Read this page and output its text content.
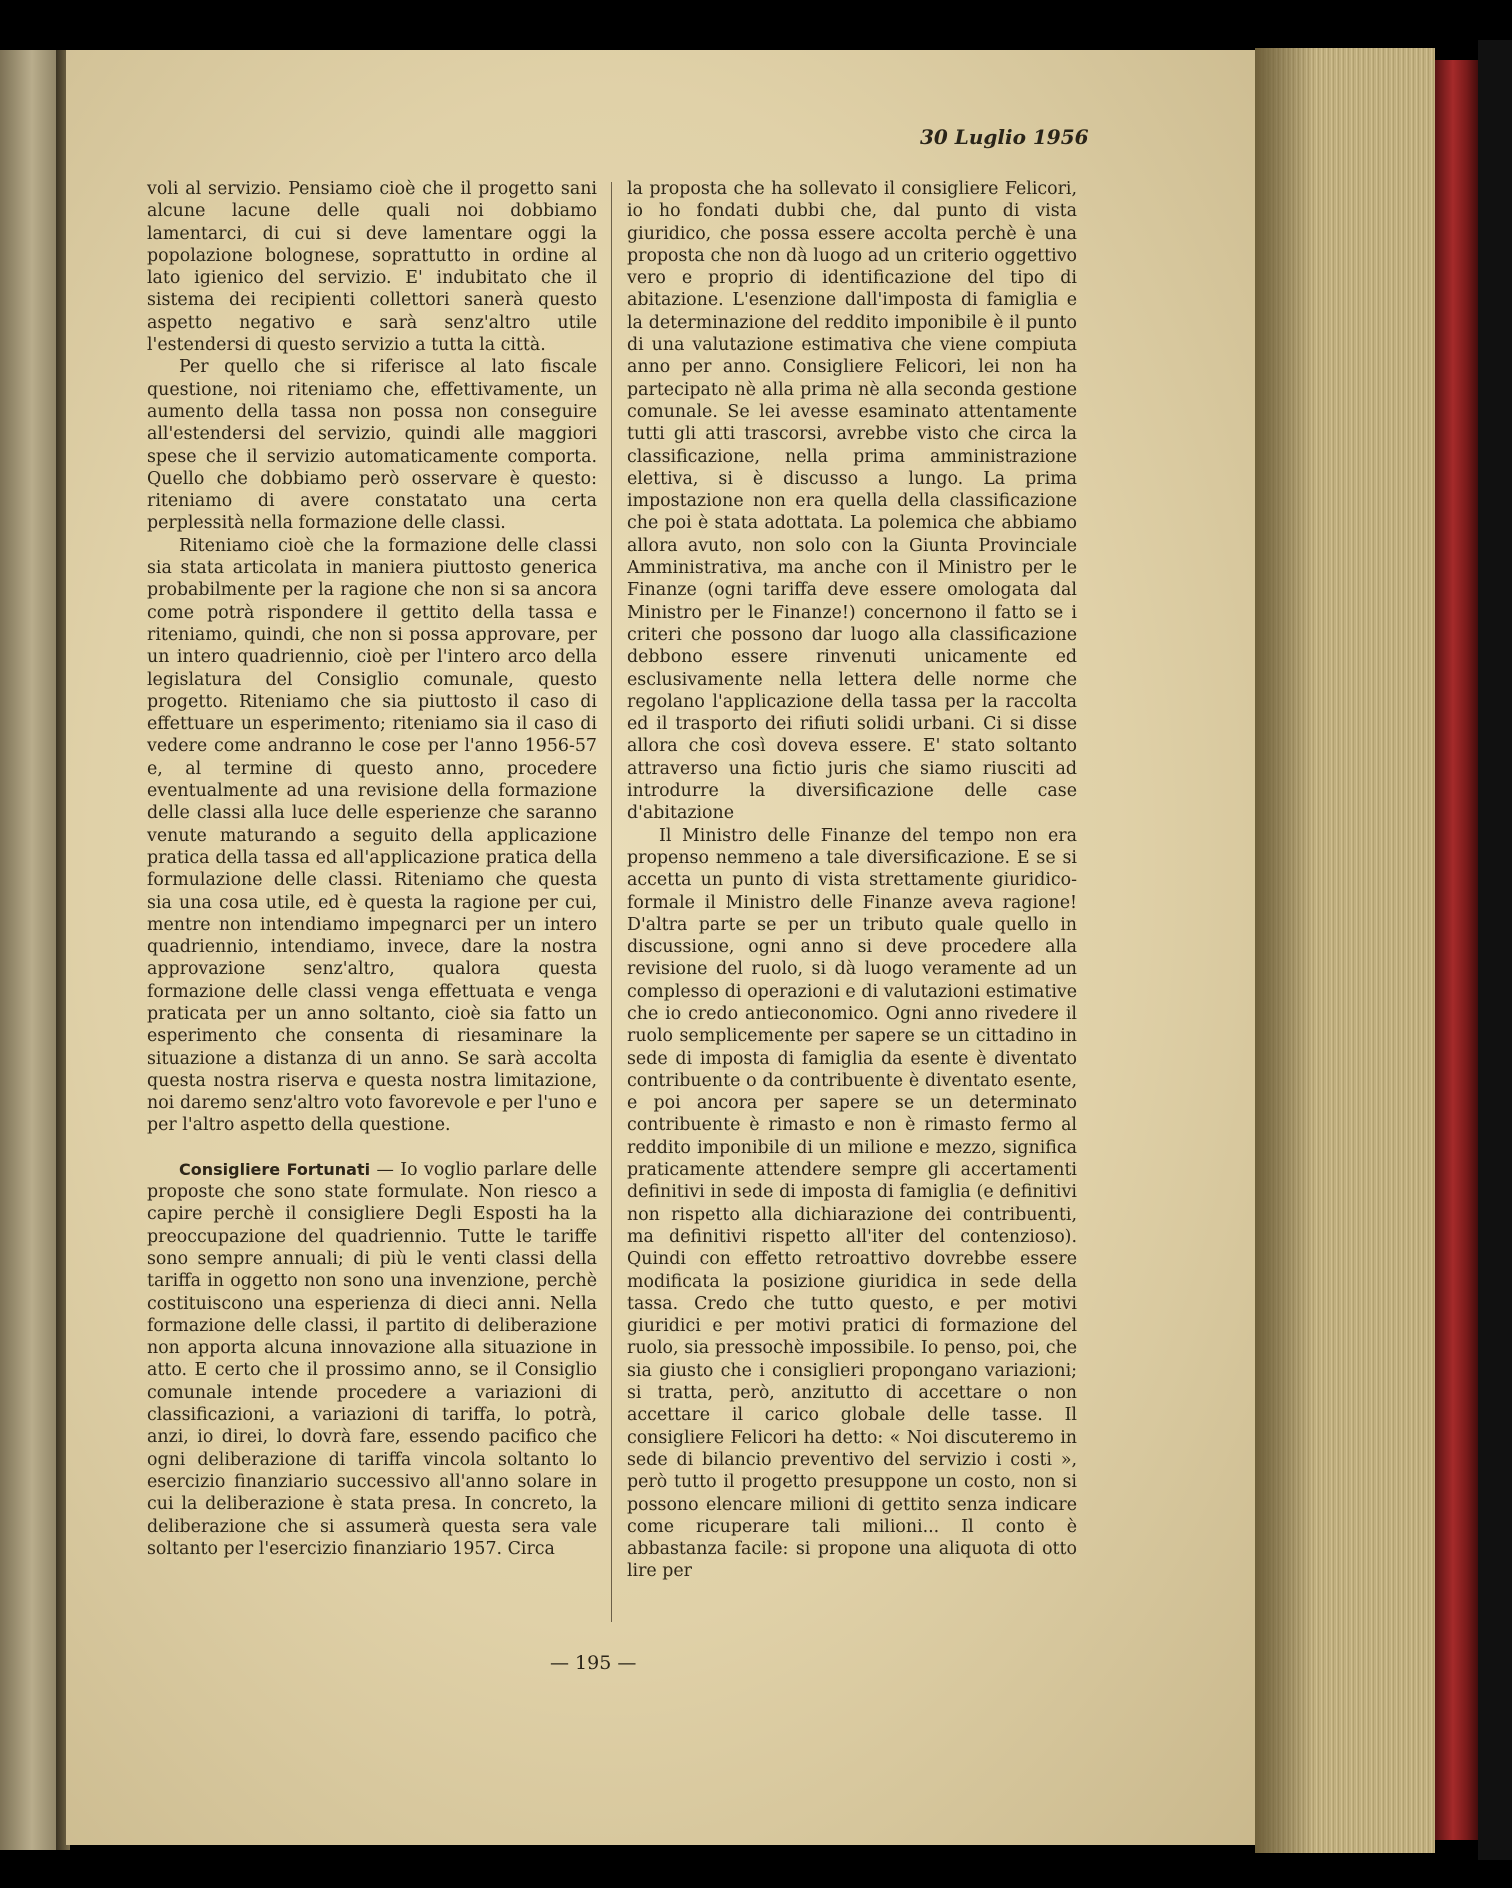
30 Luglio 1956

voli al servizio. Pensiamo cioè che il progetto sani alcune lacune delle quali noi dobbiamo lamentarci, di cui si deve lamentare oggi la popolazione bolognese, soprattutto in ordine al lato igienico del servizio. E' indubitato che il sistema dei recipienti collettori sanerà questo aspetto negativo e sarà senz'altro utile l'estendersi di questo servizio a tutta la città.

Per quello che si riferisce al lato fiscale questione, noi riteniamo che, effettivamente, un aumento della tassa non possa non conseguire all'estendersi del servizio, quindi alle maggiori spese che il servizio automaticamente comporta. Quello che dobbiamo però osservare è questo: riteniamo di avere constatato una certa perplessità nella formazione delle classi.

Riteniamo cioè che la formazione delle classi sia stata articolata in maniera piuttosto generica probabilmente per la ragione che non si sa ancora come potrà rispondere il gettito della tassa e riteniamo, quindi, che non si possa approvare, per un intero quadriennio, cioè per l'intero arco della legislatura del Consiglio comunale, questo progetto. Riteniamo che sia piuttosto il caso di effettuare un esperimento; riteniamo sia il caso di vedere come andranno le cose per l'anno 1956-57 e, al termine di questo anno, procedere eventualmente ad una revisione della formazione delle classi alla luce delle esperienze che saranno venute maturando a seguito della applicazione pratica della tassa ed all'applicazione pratica della formulazione delle classi. Riteniamo che questa sia una cosa utile, ed è questa la ragione per cui, mentre non intendiamo impegnarci per un intero quadriennio, intendiamo, invece, dare la nostra approvazione senz'altro, qualora questa formazione delle classi venga effettuata e venga praticata per un anno soltanto, cioè sia fatto un esperimento che consenta di riesaminare la situazione a distanza di un anno. Se sarà accolta questa nostra riserva e questa nostra limitazione, noi daremo senz'altro voto favorevole e per l'uno e per l'altro aspetto della questione.

Consigliere Fortunati — Io voglio parlare delle proposte che sono state formulate. Non riesco a capire perchè il consigliere Degli Esposti ha la preoccupazione del quadriennio. Tutte le tariffe sono sempre annuali; di più le venti classi della tariffa in oggetto non sono una invenzione, perchè costituiscono una esperienza di dieci anni. Nella formazione delle classi, il partito di deliberazione non apporta alcuna innovazione alla situazione in atto. E certo che il prossimo anno, se il Consiglio comunale intende procedere a variazioni di classificazioni, a variazioni di tariffa, lo potrà, anzi, io direi, lo dovrà fare, essendo pacifico che ogni deliberazione di tariffa vincola soltanto lo esercizio finanziario successivo all'anno solare in cui la deliberazione è stata presa. In concreto, la deliberazione che si assumerà questa sera vale soltanto per l'esercizio finanziario 1957. Circa

la proposta che ha sollevato il consigliere Felicori, io ho fondati dubbi che, dal punto di vista giuridico, che possa essere accolta perchè è una proposta che non dà luogo ad un criterio oggettivo vero e proprio di identificazione del tipo di abitazione. L'esenzione dall'imposta di famiglia e la determinazione del reddito imponibile è il punto di una valutazione estimativa che viene compiuta anno per anno. Consigliere Felicori, lei non ha partecipato nè alla prima nè alla seconda gestione comunale. Se lei avesse esaminato attentamente tutti gli atti trascorsi, avrebbe visto che circa la classificazione, nella prima amministrazione elettiva, si è discusso a lungo. La prima impostazione non era quella della classificazione che poi è stata adottata. La polemica che abbiamo allora avuto, non solo con la Giunta Provinciale Amministrativa, ma anche con il Ministro per le Finanze (ogni tariffa deve essere omologata dal Ministro per le Finanze!) concernono il fatto se i criteri che possono dar luogo alla classificazione debbono essere rinvenuti unicamente ed esclusivamente nella lettera delle norme che regolano l'applicazione della tassa per la raccolta ed il trasporto dei rifiuti solidi urbani. Ci si disse allora che così doveva essere. E' stato soltanto attraverso una fictio juris che siamo riusciti ad introdurre la diversificazione delle case d'abitazione

Il Ministro delle Finanze del tempo non era propenso nemmeno a tale diversificazione. E se si accetta un punto di vista strettamente giuridico-formale il Ministro delle Finanze aveva ragione! D'altra parte se per un tributo quale quello in discussione, ogni anno si deve procedere alla revisione del ruolo, si dà luogo veramente ad un complesso di operazioni e di valutazioni estimative che io credo antieconomico. Ogni anno rivedere il ruolo semplicemente per sapere se un cittadino in sede di imposta di famiglia da esente è diventato contribuente o da contribuente è diventato esente, e poi ancora per sapere se un determinato contribuente è rimasto e non è rimasto fermo al reddito imponibile di un milione e mezzo, significa praticamente attendere sempre gli accertamenti definitivi in sede di imposta di famiglia (e definitivi non rispetto alla dichiarazione dei contribuenti, ma definitivi rispetto all'iter del contenzioso). Quindi con effetto retroattivo dovrebbe essere modificata la posizione giuridica in sede della tassa. Credo che tutto questo, e per motivi giuridici e per motivi pratici di formazione del ruolo, sia pressochè impossibile. Io penso, poi, che sia giusto che i consiglieri propongano variazioni; si tratta, però, anzitutto di accettare o non accettare il carico globale delle tasse. Il consigliere Felicori ha detto: « Noi discuteremo in sede di bilancio preventivo del servizio i costi », però tutto il progetto presuppone un costo, non si possono elencare milioni di gettito senza indicare come ricuperare tali milioni... Il conto è abbastanza facile: si propone una aliquota di otto lire per

— 195 —
